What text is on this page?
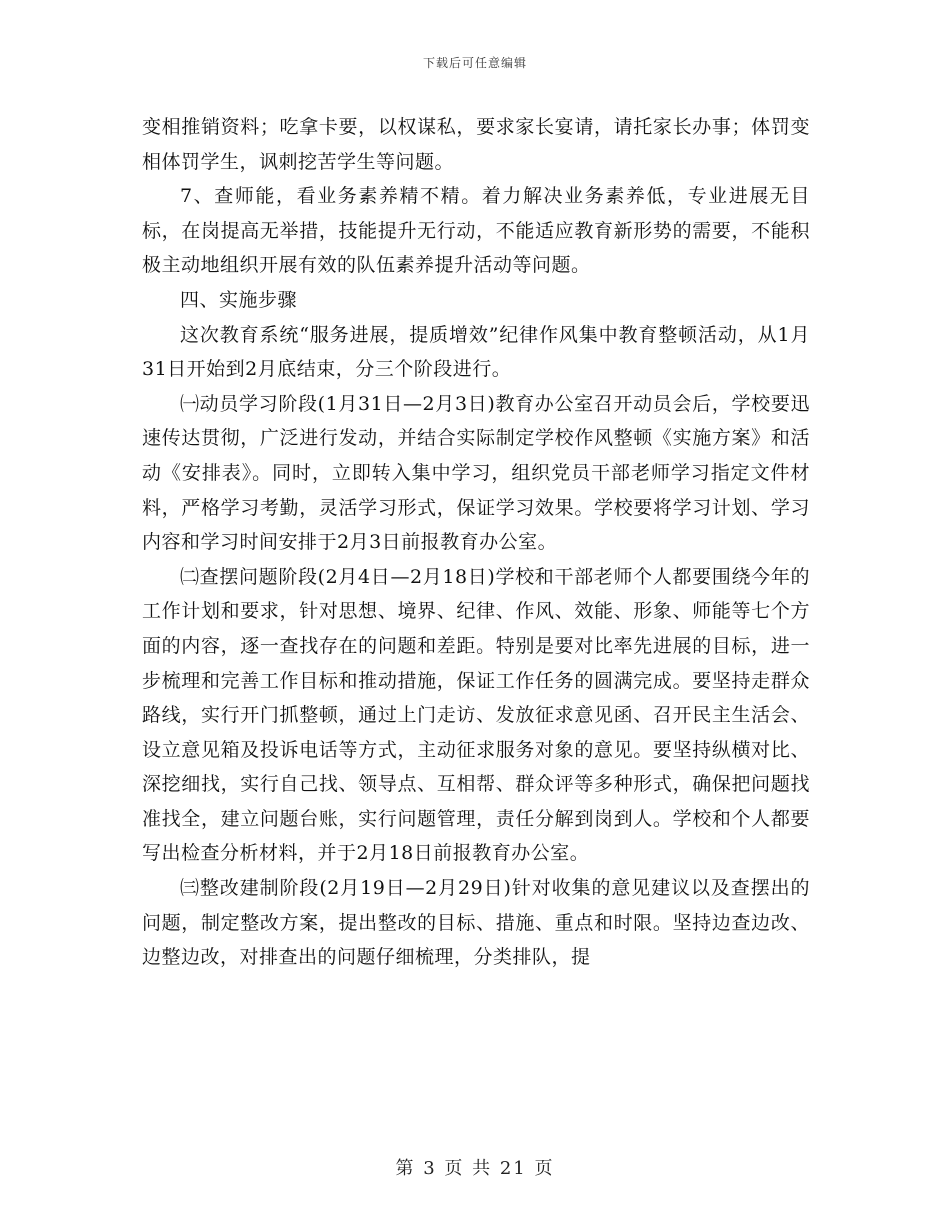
下载后可任意编辑

变相推销资料；吃拿卡要，以权谋私，要求家长宴请，请托家长办事；体罚变相体罚学生，讽刺挖苦学生等问题。

7、查师能，看业务素养精不精。着力解决业务素养低，专业进展无目标，在岗提高无举措，技能提升无行动，不能适应教育新形势的需要，不能积极主动地组织开展有效的队伍素养提升活动等问题。

四、实施步骤

这次教育系统“服务进展，提质增效”纪律作风集中教育整顿活动，从1月31日开始到2月底结束，分三个阶段进行。

㈠动员学习阶段(1月31日—2月3日)教育办公室召开动员会后，学校要迅速传达贯彻，广泛进行发动，并结合实际制定学校作风整顿《实施方案》和活动《安排表》。同时，立即转入集中学习，组织党员干部老师学习指定文件材料，严格学习考勤，灵活学习形式，保证学习效果。学校要将学习计划、学习内容和学习时间安排于2月3日前报教育办公室。

㈡查摆问题阶段(2月4日—2月18日)学校和干部老师个人都要围绕今年的工作计划和要求，针对思想、境界、纪律、作风、效能、形象、师能等七个方面的内容，逐一查找存在的问题和差距。特别是要对比率先进展的目标，进一步梳理和完善工作目标和推动措施，保证工作任务的圆满完成。要坚持走群众路线，实行开门抓整顿，通过上门走访、发放征求意见函、召开民主生活会、设立意见箱及投诉电话等方式，主动征求服务对象的意见。要坚持纵横对比、深挖细找，实行自己找、领导点、互相帮、群众评等多种形式，确保把问题找准找全，建立问题台账，实行问题管理，责任分解到岗到人。学校和个人都要写出检查分析材料，并于2月18日前报教育办公室。

㈢整改建制阶段(2月19日—2月29日)针对收集的意见建议以及查摆出的问题，制定整改方案，提出整改的目标、措施、重点和时限。坚持边查边改、边整边改，对排查出的问题仔细梳理，分类排队，提

第 3 页 共 21 页
